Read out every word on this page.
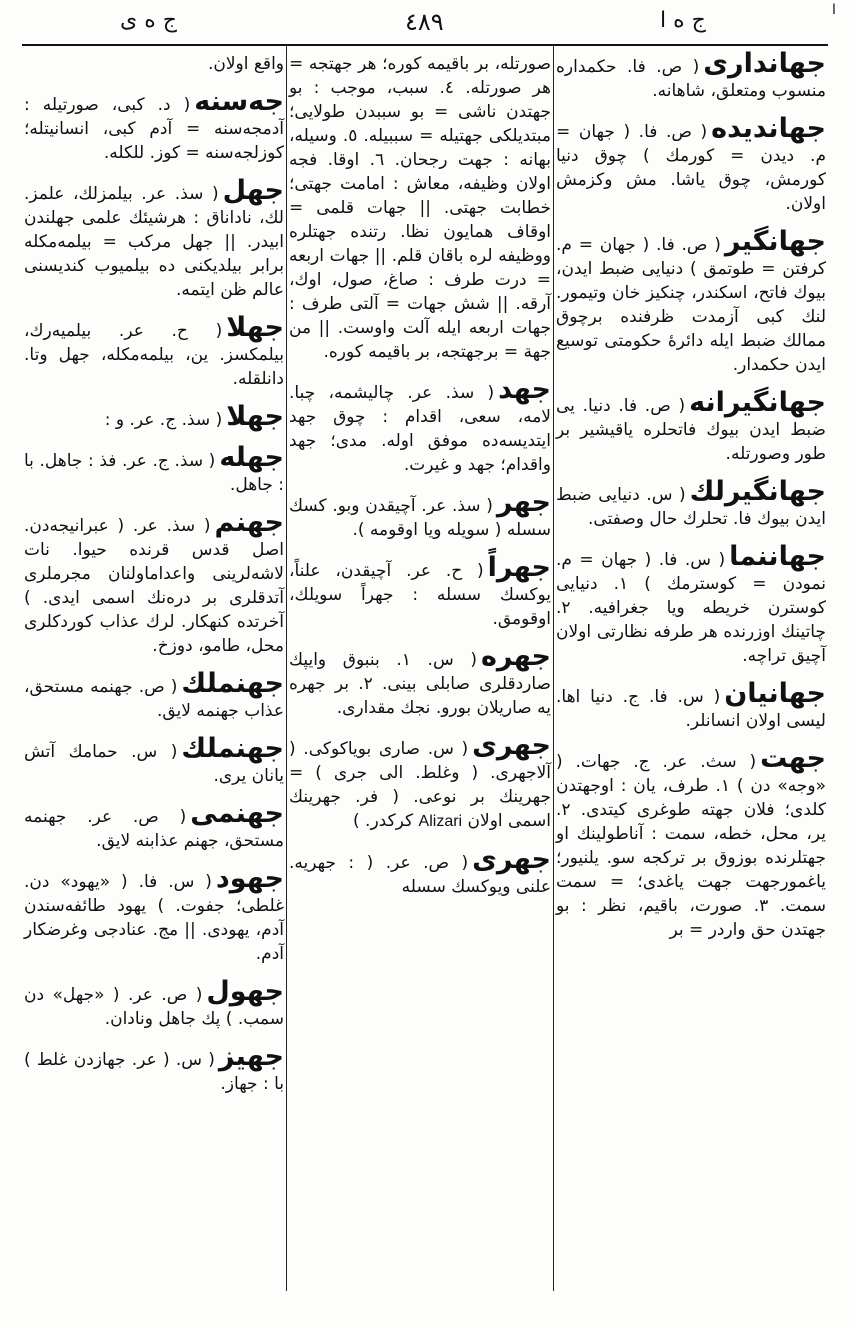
ج ه ى	٤٨٩	ج ه ا	ا
جهاندارى( ص. فا. حكمداره منسوب ومتعلق، شاهانه.
جهانديده( ص. فا. ( جهان = م. ديدن = كورمك ) چوق دنيا كورمش، چوق ياشا. مش وكزمش اولان.
جهانگير( ص. فا. ( جهان = م. كرفتن = طوتمق ) دنيايى ضبط ايدن، بيوك فاتح، اسكندر، چنكيز خان وتيمور. لنك كبى آزمدت ظرفنده برچوق ممالك ضبط ايله دائرهٔ حكومتى توسيع ايدن حكمدار.
جهانگيرانه( ص. فا. دنيا. يى ضبط ايدن بيوك فاتحلره ياقيشير بر طور وصورتله.
جهانگيرلك( س. دنيايى ضبط ايدن بيوك فا. تحلرك حال وصفتى.
جهاننما( س. فا. ( جهان = م. نمودن = كوسترمك ) ١. دنيايى كوسترن خريطه ويا جغرافيه. ٢. چاتينك اوزرنده هر طرفه نظارتى اولان آچيق تراچه.
جهانيان( س. فا. ج. دنيا اها. ليسى اولان انسانلر.
جهت( سث. عر. ج. جهات. ( «وجه» دن ) ١. طرف، يان : اوجهتدن كلدى؛ فلان جهته طوغرى كيتدى. ٢. ير، محل، خطه، سمت : آناطولينك او جهتلرنده بوزوق بر تركجه سو. يلنيور؛ ياغمورجهت جهت ياغدى؛ = سمت سمت. ٣. صورت، باقيم، نظر : بو جهتدن حق واردر = بر
صورتله، بر باقيمه كوره؛ هر جهتجه = هر صورتله. ٤. سبب، موجب : بو جهتدن ناشى = بو سببدن طولايى؛ مبتديلكى جهتيله = سببيله. ٥. وسيله، بهانه : جهت رجحان. ٦. اوقا. فجه اولان وظيفه، معاش : امامت جهتى؛ خطابت جهتى. || جهات قلمى = اوقاف همايون نظا. رتنده جهتلره ووظيفه لره باقان قلم. || جهات اربعه = درت طرف : صاغ، صول، اوك، آرقه. || شش جهات = آلتى طرف : جهات اربعه ايله آلت واوست. || من جهة = برجهتجه، بر باقيمه كوره.
جهد( سذ. عر. چاليشمه، چبا. لامه، سعى، اقدام : چوق جهد ايتديسه‌ده موفق اوله. مدى؛ جهد واقدام؛ جهد و غيرت.
جهر( سذ. عر. آچيقدن وبو. كسك سسله ( سويله ويا اوقومه ).
جهراً( ح. عر. آچيقدن، علناً، يوكسك سسله : جهراً سويلك، اوقومق.
جهره( س. ١. بنبوق وايپك صاردقلرى صابلى بينى. ٢. بر جهره يه صاريلان بورو. نجك مقدارى.
جهرى( س. صارى بوياكوكى. ( آلاجهرى. ( وغلط. الى جرى ) = جهرينك بر نوعى. ( فر. جهرينك اسمى اولان Alizari كركدر. )
جهرى( ص. عر. ( : جهريه. علنى ويوكسك سسله
واقع اولان.
جه‌سنه( د. كبى، صورتيله : آدمجه‌سنه = آدم كبى، انسانيتله؛ كوزلجه‌سنه = كوز. للكله.
جهل( سذ. عر. بيلمزلك، علمز. لك، ناداناق : هرشيئك علمى جهلندن ابيدر. || جهل مركب = بيلمه‌مكله برابر بيلديكنى ده بيلميوب كنديسنى عالم ظن ايتمه.
جهلا( ح. عر. بيلميه‌رك، بيلمكسز. ين، بيلمه‌مكله، جهل وتا. دانلقله.
جهلا( سذ. ج. عر. و :
جهله( سذ. ج. عر. فذ : جاهل. با : جاهل.
جهنم( سذ. عر. ( عبرانيجه‌دن. اصل قدس قرنده حيوا. نات لاشه‌لرينى واعداماولنان مجرملرى آتدقلرى بر دره‌نك اسمى ايدى. ) آخرتده كنهكار. لرك عذاب كوردكلرى محل، طامو، دوزخ.
جهنملك( ص. جهنمه مستحق، عذاب جهنمه لايق.
جهنملك( س. حمامك آتش يانان يرى.
جهنمى( ص. عر. جهنمه مستحق، جهنم عذابنه لايق.
جهود( س. فا. ( «يهود» دن. غلطى؛ جفوت. ) يهود طائفه‌سندن آدم، يهودى. || مج. عنادجى وغرضكار آدم.
جهول( ص. عر. ( «جهل» دن سمب. ) پك جاهل ونادان.
جهيز( س. ( عر. جهازدن غلط ) با : جهاز.
